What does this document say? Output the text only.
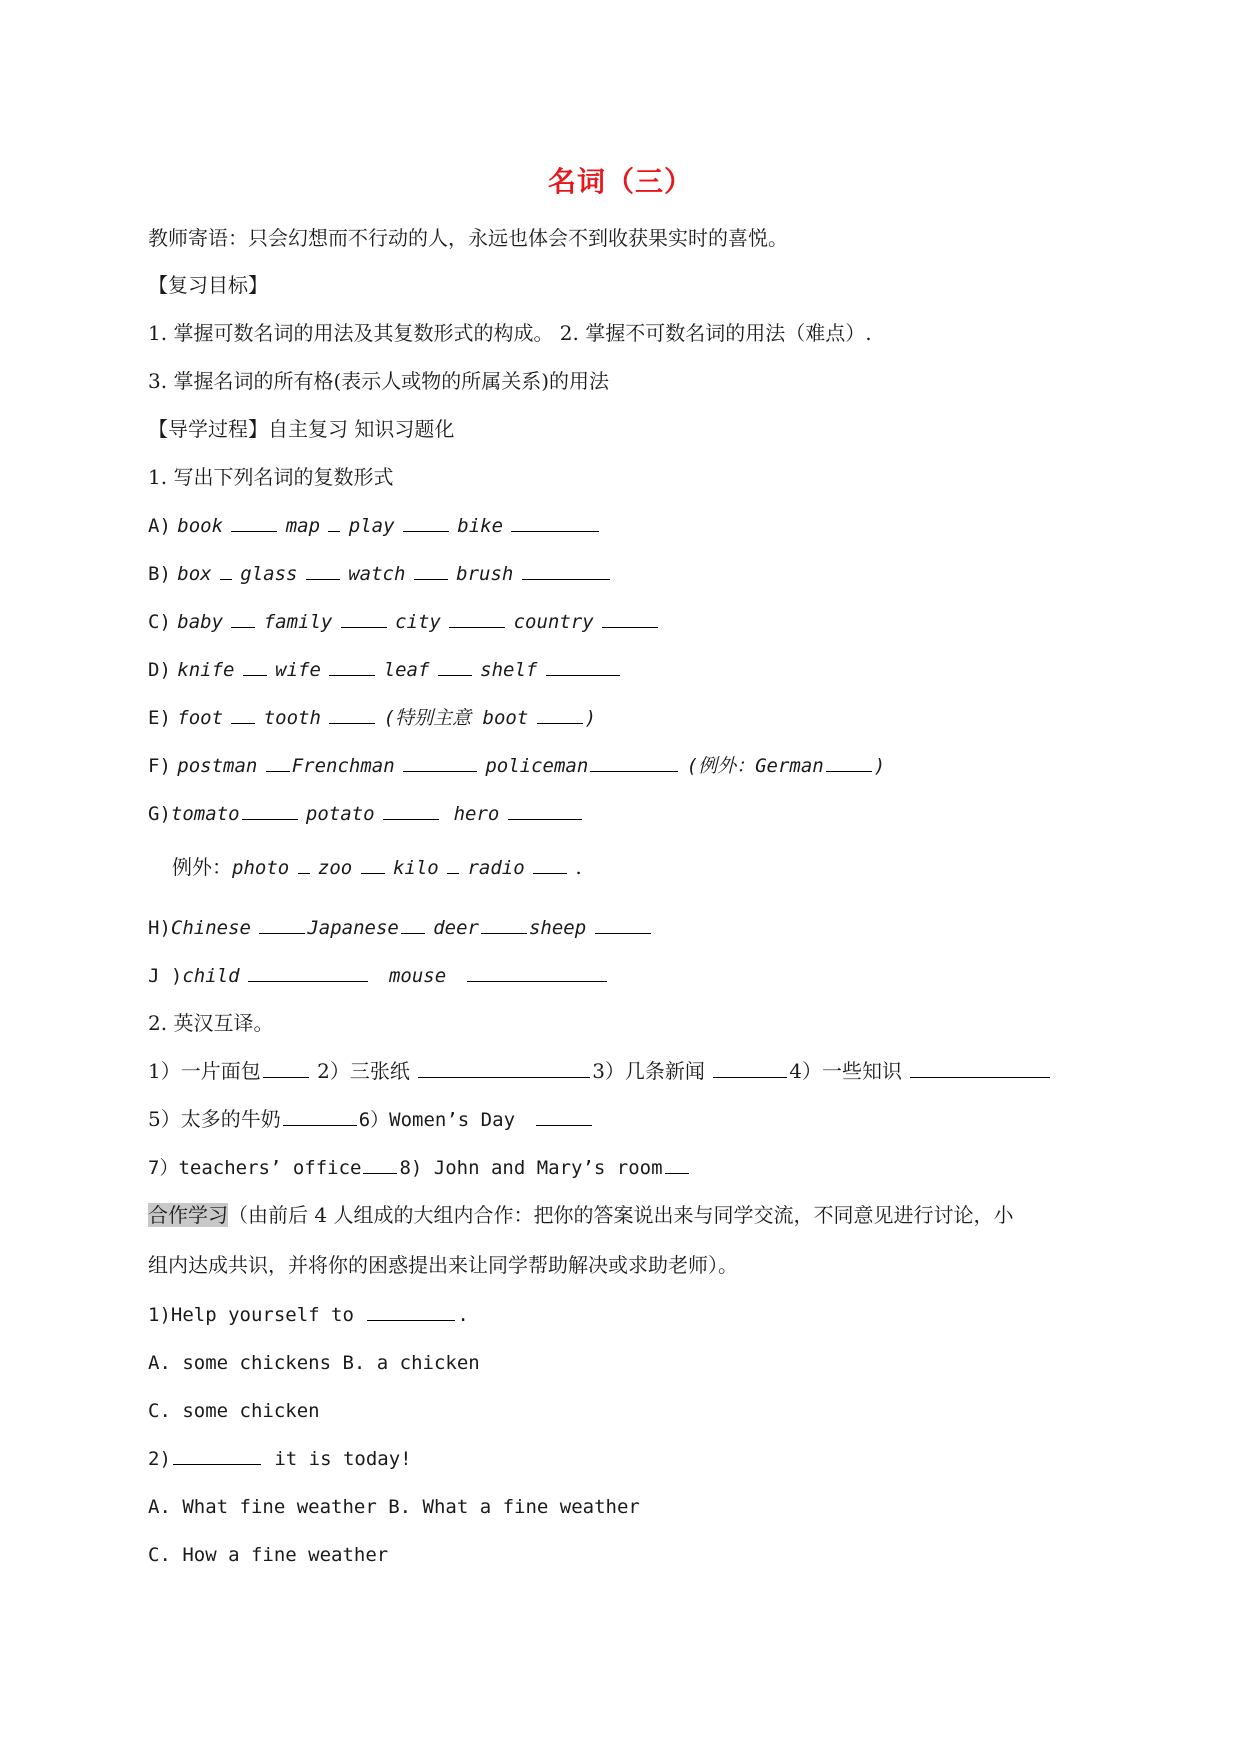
名词（三）
教师寄语：只会幻想而不行动的人，永远也体会不到收获果实时的喜悦。
【复习目标】
1. 掌握可数名词的用法及其复数形式的构成。 2. 掌握不可数名词的用法（难点）.
3. 掌握名词的所有格(表示人或物的所属关系)的用法
【导学过程】自主复习 知识习题化
1. 写出下列名词的复数形式
A) book	map play	bike
B) box glass	watch	brush
C) baby family	city	country
D) knife wife	leaf	shelf
E) foot tooth	(特别主意 boot	)
F) postman Frenchman	policeman	(例外：German	)
G)tomato	potato	hero
例外：photo zoo kilo radio	.
H)Chinese	Japanese deer	sheep
J )child	mouse
2. 英汉互译。
1）一片面包	2）三张纸	3）几条新闻	4）一些知识
5）太多的牛奶	6）Women’s Day
7）teachers’ office 8) John and Mary’s room
合作学习（由前后 4 人组成的大组内合作：把你的答案说出来与同学交流，不同意见进行讨论，小
组内达成共识，并将你的困惑提出来让同学帮助解决或求助老师）。
1)Help yourself to	.
A. some chickens B. a chicken
C. some chicken
2)	it is today!
A. What fine weather B. What a fine weather
C. How a fine weather
